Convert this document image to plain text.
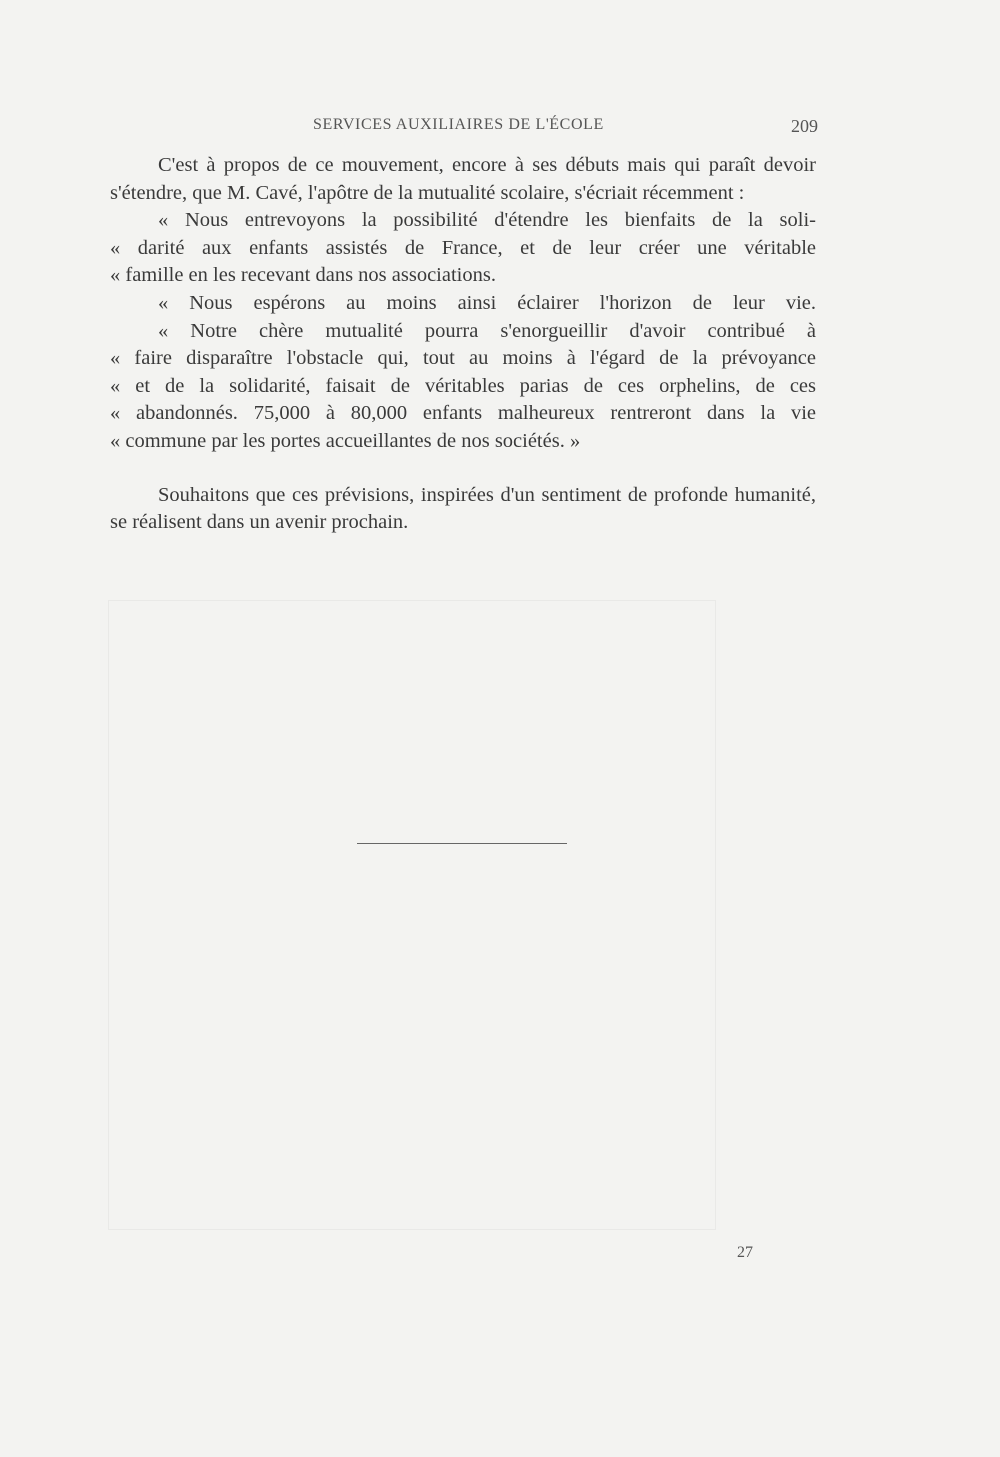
SERVICES AUXILIAIRES DE L'ÉCOLE	209

C'est à propos de ce mouvement, encore à ses débuts mais qui paraît devoir s'étendre, que M. Cavé, l'apôtre de la mutualité scolaire, s'écriait récemment :

« Nous entrevoyons la possibilité d'étendre les bienfaits de la soli-
« darité aux enfants assistés de France, et de leur créer une véritable
« famille en les recevant dans nos associations.
« Nous espérons au moins ainsi éclairer l'horizon de leur vie.
« Notre chère mutualité pourra s'enorgueillir d'avoir contribué à
« faire disparaître l'obstacle qui, tout au moins à l'égard de la prévoyance
« et de la solidarité, faisait de véritables parias de ces orphelins, de ces
« abandonnés. 75,000 à 80,000 enfants malheureux rentreront dans la vie
« commune par les portes accueillantes de nos sociétés. »

Souhaitons que ces prévisions, inspirées d'un sentiment de profonde humanité, se réalisent dans un avenir prochain.

27
